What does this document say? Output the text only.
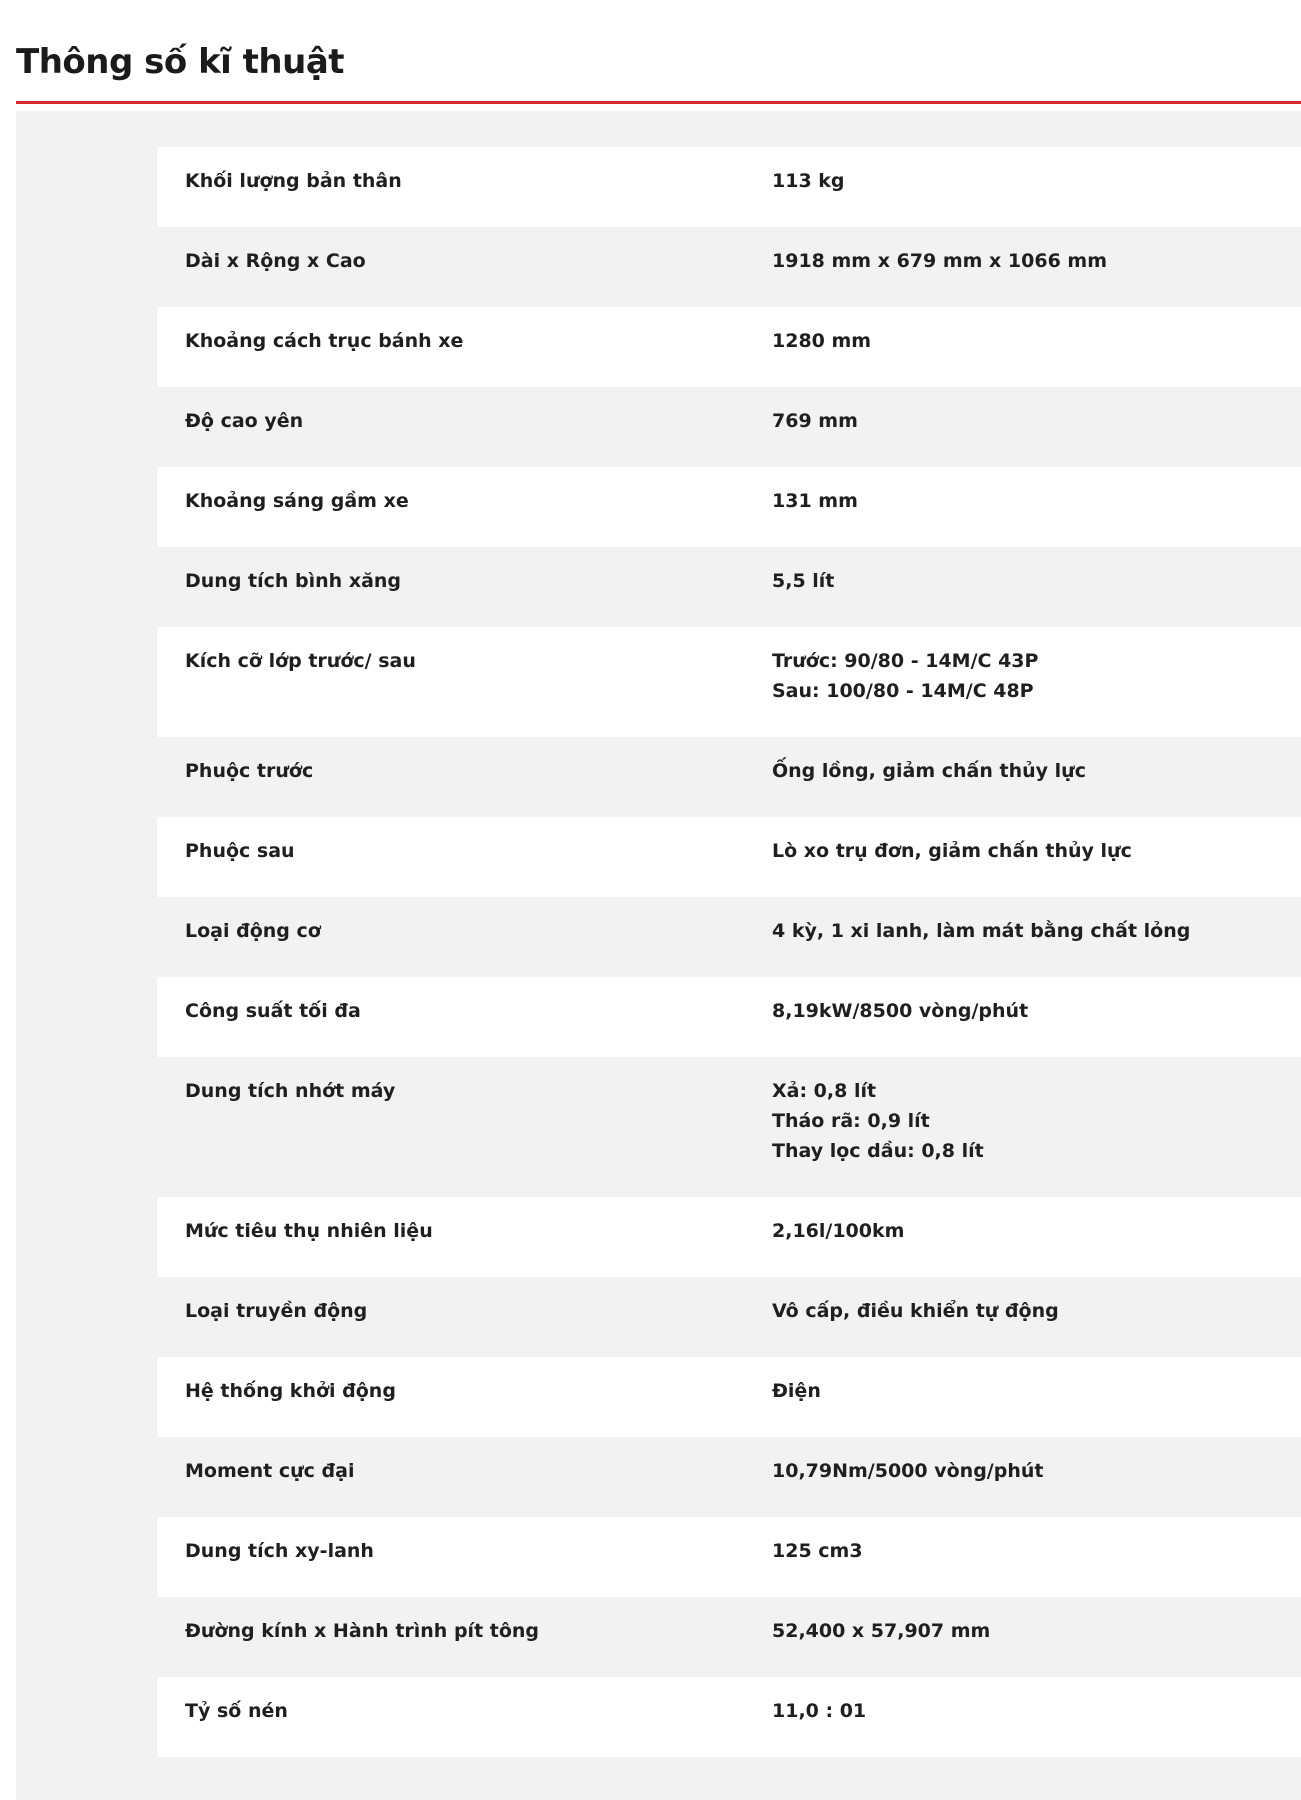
Thông số kĩ thuật
Khối lượng bản thân	113 kg
Dài x Rộng x Cao	1918 mm x 679 mm x 1066 mm
Khoảng cách trục bánh xe	1280 mm
Độ cao yên	769 mm
Khoảng sáng gầm xe	131 mm
Dung tích bình xăng	5,5 lít
Kích cỡ lớp trước/ sau	Trước: 90/80 - 14M/C 43P
Sau: 100/80 - 14M/C 48P
Phuộc trước	Ống lồng, giảm chấn thủy lực
Phuộc sau	Lò xo trụ đơn, giảm chấn thủy lực
Loại động cơ	4 kỳ, 1 xi lanh, làm mát bằng chất lỏng
Công suất tối đa	8,19kW/8500 vòng/phút
Dung tích nhớt máy	Xả: 0,8 lít
Tháo rã: 0,9 lít
Thay lọc dầu: 0,8 lít
Mức tiêu thụ nhiên liệu	2,16l/100km
Loại truyền động	Vô cấp, điều khiển tự động
Hệ thống khởi động	Điện
Moment cực đại	10,79Nm/5000 vòng/phút
Dung tích xy-lanh	125 cm3
Đường kính x Hành trình pít tông	52,400 x 57,907 mm
Tỷ số nén	11,0 : 01
